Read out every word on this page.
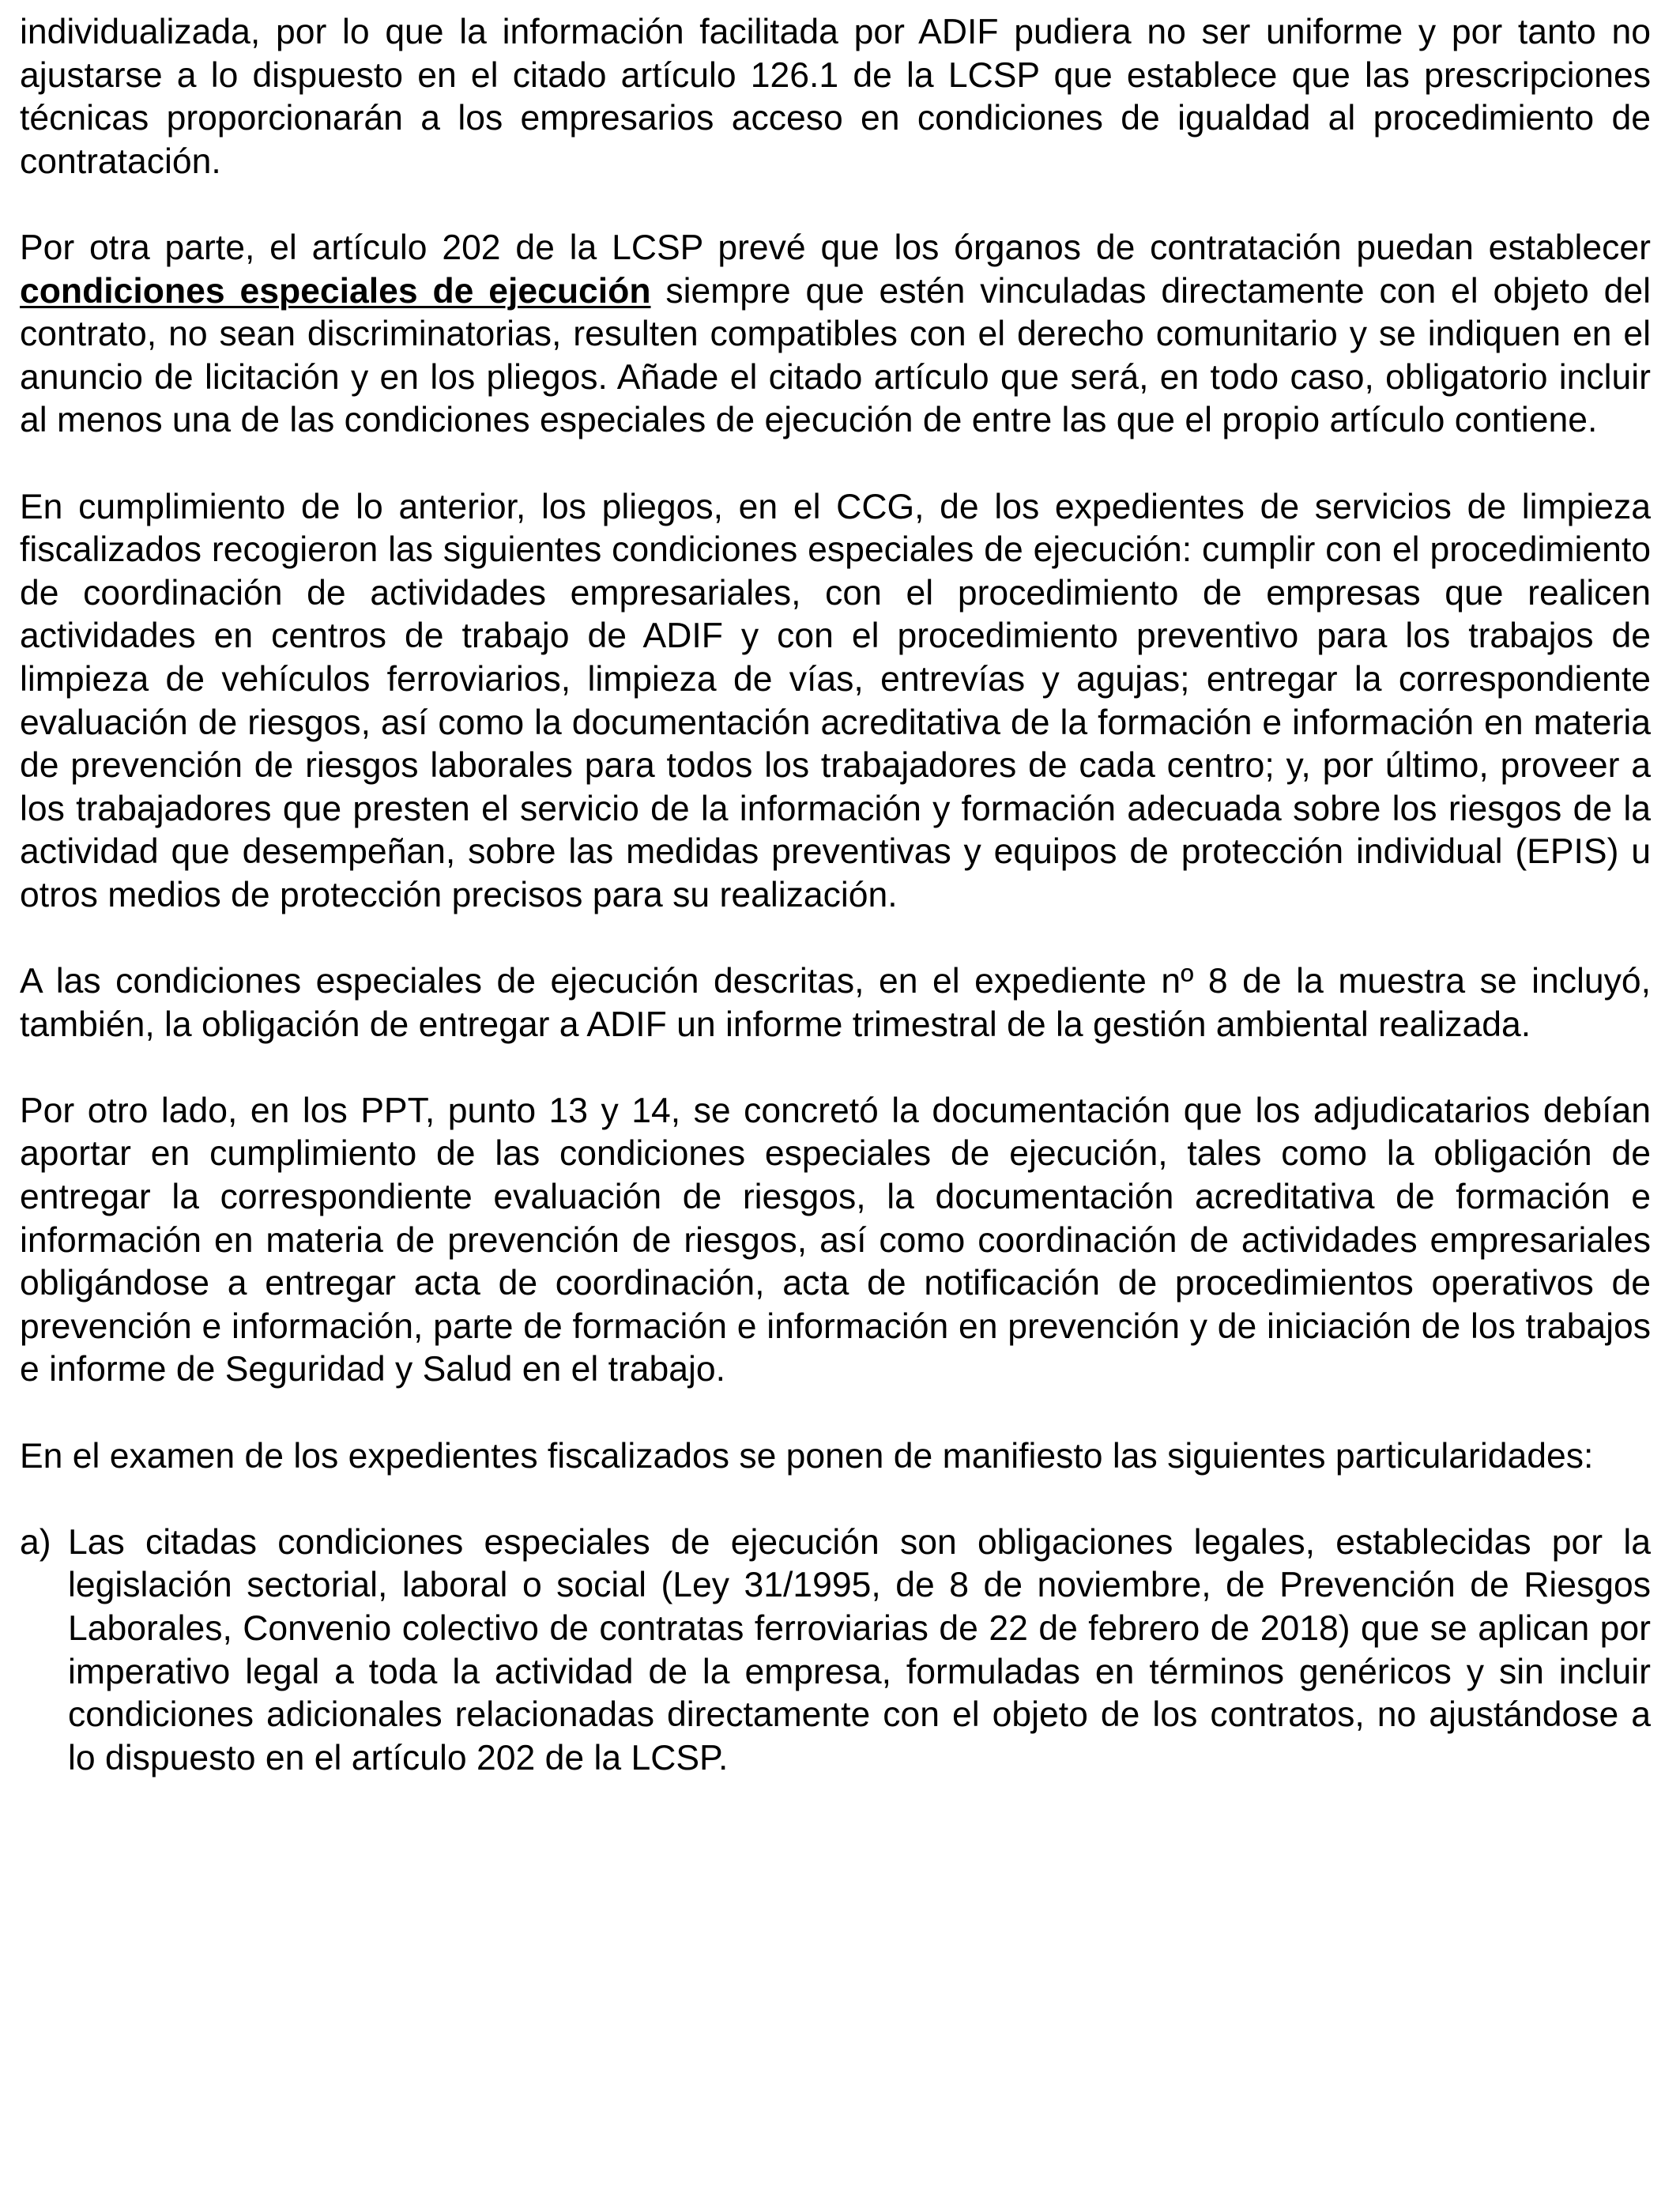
individualizada, por lo que la información facilitada por ADIF pudiera no ser uniforme y por tanto no ajustarse a lo dispuesto en el citado artículo 126.1 de la LCSP que establece que las prescripciones técnicas proporcionarán a los empresarios acceso en condiciones de igualdad al procedimiento de contratación.

Por otra parte, el artículo 202 de la LCSP prevé que los órganos de contratación puedan establecer condiciones especiales de ejecución siempre que estén vinculadas directamente con el objeto del contrato, no sean discriminatorias, resulten compatibles con el derecho comunitario y se indiquen en el anuncio de licitación y en los pliegos. Añade el citado artículo que será, en todo caso, obligatorio incluir al menos una de las condiciones especiales de ejecución de entre las que el propio artículo contiene.

En cumplimiento de lo anterior, los pliegos, en el CCG, de los expedientes de servicios de limpieza fiscalizados recogieron las siguientes condiciones especiales de ejecución: cumplir con el procedimiento de coordinación de actividades empresariales, con el procedimiento de empresas que realicen actividades en centros de trabajo de ADIF y con el procedimiento preventivo para los trabajos de limpieza de vehículos ferroviarios, limpieza de vías, entrevías y agujas; entregar la correspondiente evaluación de riesgos, así como la documentación acreditativa de la formación e información en materia de prevención de riesgos laborales para todos los trabajadores de cada centro; y, por último, proveer a los trabajadores que presten el servicio de la información y formación adecuada sobre los riesgos de la actividad que desempeñan, sobre las medidas preventivas y equipos de protección individual (EPIS) u otros medios de protección precisos para su realización.

A las condiciones especiales de ejecución descritas, en el expediente nº 8 de la muestra se incluyó, también, la obligación de entregar a ADIF un informe trimestral de la gestión ambiental realizada.

Por otro lado, en los PPT, punto 13 y 14, se concretó la documentación que los adjudicatarios debían aportar en cumplimiento de las condiciones especiales de ejecución, tales como la obligación de entregar la correspondiente evaluación de riesgos, la documentación acreditativa de formación e información en materia de prevención de riesgos, así como coordinación de actividades empresariales obligándose a entregar acta de coordinación, acta de notificación de procedimientos operativos de prevención e información, parte de formación e información en prevención y de iniciación de los trabajos e informe de Seguridad y Salud en el trabajo.

En el examen de los expedientes fiscalizados se ponen de manifiesto las siguientes particularidades:

a) Las citadas condiciones especiales de ejecución son obligaciones legales, establecidas por la legislación sectorial, laboral o social (Ley 31/1995, de 8 de noviembre, de Prevención de Riesgos Laborales, Convenio colectivo de contratas ferroviarias de 22 de febrero de 2018) que se aplican por imperativo legal a toda la actividad de la empresa, formuladas en términos genéricos y sin incluir condiciones adicionales relacionadas directamente con el objeto de los contratos, no ajustándose a lo dispuesto en el artículo 202 de la LCSP.
